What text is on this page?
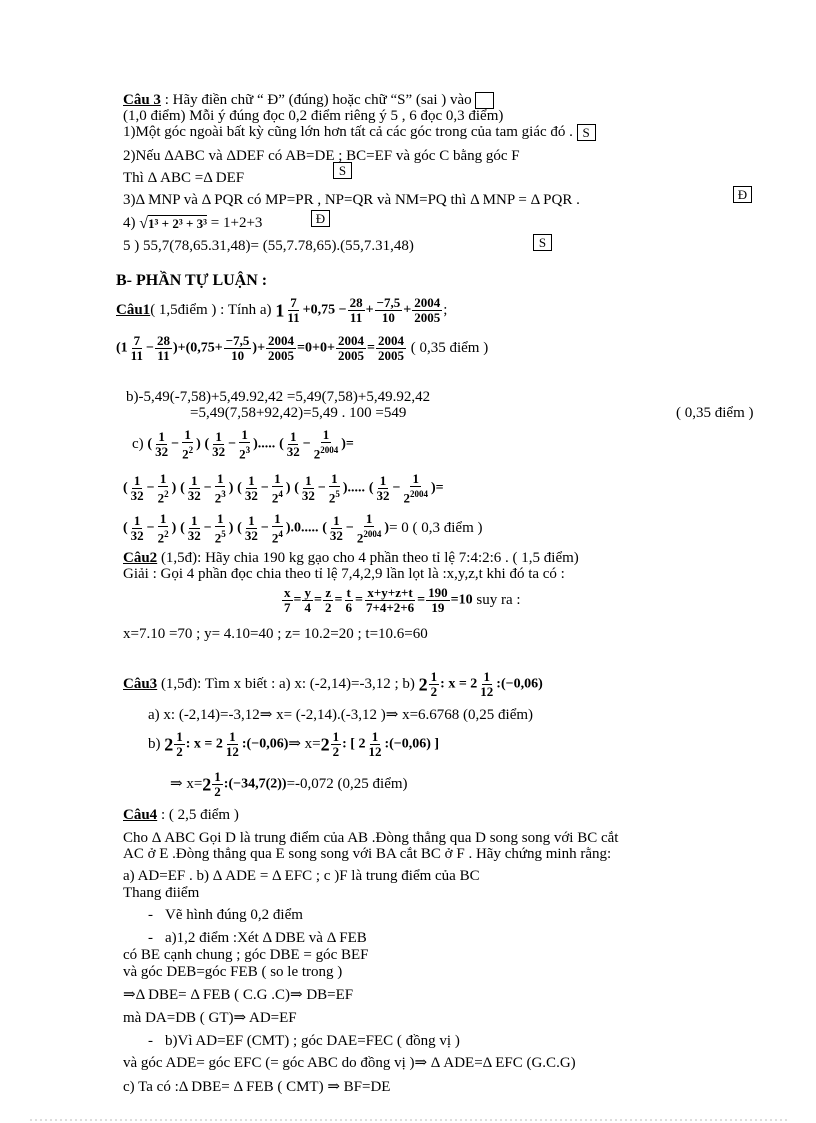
Câu 3 : Hãy điền chữ “ Đ” (đúng) hoặc chữ “S” (sai ) vào
(1,0 điểm) Mỗi ý đúng đọc 0,2 điểm riêng ý 5 , 6 đọc 0,3 điểm)
1)Một góc ngoài bất kỳ cũng lớn hơn tất cả các góc trong của tam giác đó . S
2)Nếu ΔABC và ΔDEF có AB=DE ; BC=EF và góc C bằng góc F
Thì Δ ABC =Δ DEF	S
3)Δ MNP và Δ PQR có MP=PR , NP=QR và NM=PQ thì Δ MNP = Δ PQR .	Đ
4) √1³ + 2³ + 3³ = 1+2+3	Đ
5 ) 55,7(78,65.31,48)= (55,7.78,65).(55,7.31,48)	S
B- PHẦN TỰ LUẬN :
Câu1( 1,5điểm ) : Tính a) $1 \frac{7}{11} +0,75 - \frac{28}{11} + \frac{-7,5}{10} + \frac{2004}{2005}$ ;
$(1 \frac{7}{11} - \frac{28}{11} )+(0,75+ \frac{-7,5}{10}$ )+ $\frac{2004}{2005} =0+0+ \frac{2004}{2005} = \frac{2004}{2005}$ ( 0,35 điểm )
b)-5,49(-7,58)+5,49.92,42 =5,49(7,58)+5,49.92,42
=5,49(7,58+92,42)=5,49 . 100 =549	( 0,35 điểm )
c) ( $\frac{1}{32} - \frac{1}{2^2}$ ) ( $\frac{1}{32} - \frac{1}{2^3}$ )..... ( $\frac{1}{32} - \frac{1}{2^{2004}}$ )=
( $\frac{1}{32} - \frac{1}{2^2}$ ) ( $\frac{1}{32} - \frac{1}{2^3}$ ) ( $\frac{1}{32} - \frac{1}{2^4}$ ) ( $\frac{1}{32} - \frac{1}{2^5}$ )..... ( $\frac{1}{32} - \frac{1}{2^{2004}}$ )=
( $\frac{1}{32} - \frac{1}{2^2}$ ) ( $\frac{1}{32} - \frac{1}{2^5}$ ) ( $\frac{1}{32} - \frac{1}{2^4} ).0$..... ( $\frac{1}{32} - \frac{1}{2^{2004}}$ )= 0 ( 0,3 điểm )
Câu2 (1,5đ): Hãy chia 190 kg gạo cho 4 phần theo tỉ lệ 7:4:2:6 . ( 1,5 điểm)
Giải : Gọi 4 phần đọc chia theo tỉ lệ 7,4,2,9 lần lọt là :x,y,z,t khi đó ta có :
$\frac{x}{7} = \frac{y}{4} = \frac{z}{2} = \frac{t}{6} = \frac{x+y+z+t}{7+4+2+6} = \frac{190}{19} =10$ suy ra :
x=7.10 =70 ; y= 4.10=40 ; z= 10.2=20 ; t=10.6=60
Câu3 (1,5đ): Tìm x biết : a) x: (-2,14)=-3,12 ; b) $2 \frac{1}{2}$ : $x = 2 \frac{1}{12}$ :(−0,06)
a) x: (-2,14)=-3,12⇒ x= (-2,14).(-3,12 )⇒ x=6.6768 (0,25 điểm)
b) $2 \frac{1}{2}$ : $x = 2 \frac{1}{12}$ :(−0,06)⇒ $x=2 \frac{1}{2}$ : [ $2 \frac{1}{12}$ :(−0,06) ]
⇒ $x=2 \frac{1}{2}$ :(−34,7(2))=-0,072 (0,25 điểm)
Câu4 : ( 2,5 điểm )
Cho Δ ABC Gọi D là trung điểm của AB .Đòng thẳng qua D song song với BC cắt
AC ở E .Đòng thẳng qua E song song với BA cắt BC ở F . Hãy chứng minh rằng:
a) AD=EF . b) Δ ADE = Δ EFC ; c )F là trung điểm của BC
Thang điiểm
- Vẽ hình đúng 0,2 điểm
- a)1,2 điểm :Xét Δ DBE và Δ FEB
có BE cạnh chung ; góc DBE = góc BEF
và góc DEB=góc FEB ( so le trong )
⇒Δ DBE= Δ FEB ( C.G .C)⇒ DB=EF
mà DA=DB ( GT)⇒ AD=EF
- b)Vì AD=EF (CMT) ; góc DAE=FEC ( đồng vị )
và góc ADE= góc EFC (= góc ABC do đồng vị )⇒ Δ ADE=Δ EFC (G.C.G)
c) Ta có :Δ DBE= Δ FEB ( CMT) ⇒ BF=DE
